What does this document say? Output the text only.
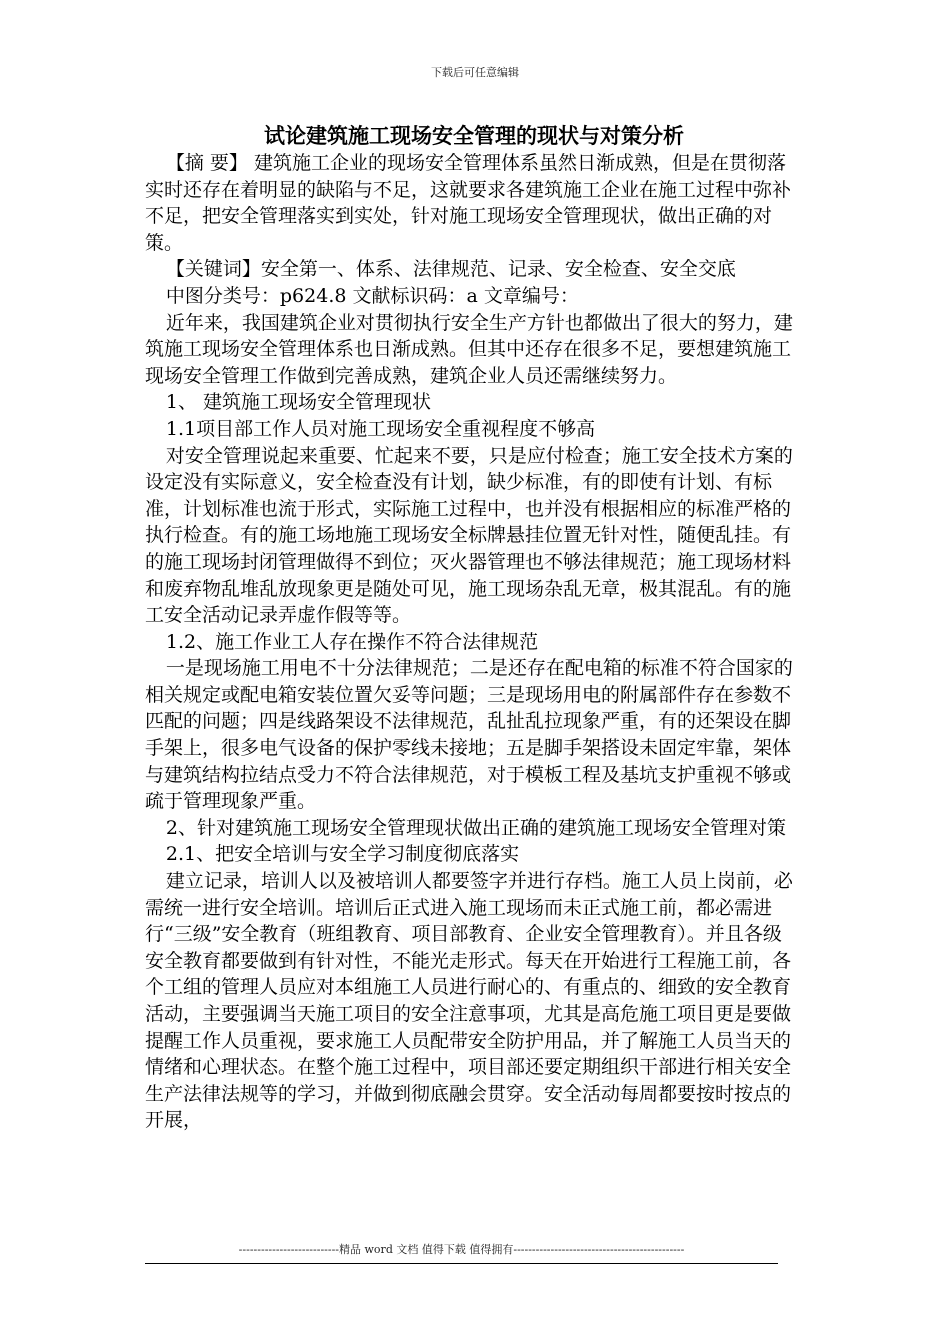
下载后可任意编辑
试论建筑施工现场安全管理的现状与对策分析

【摘 要】 建筑施工企业的现场安全管理体系虽然日渐成熟，但是在贯彻落实时还存在着明显的缺陷与不足，这就要求各建筑施工企业在施工过程中弥补不足，把安全管理落实到实处，针对施工现场安全管理现状，做出正确的对策。

【关键词】安全第一、体系、法律规范、记录、安全检查、安全交底

中图分类号：p624.8 文献标识码：a 文章编号：

近年来，我国建筑企业对贯彻执行安全生产方针也都做出了很大的努力，建筑施工现场安全管理体系也日渐成熟。但其中还存在很多不足，要想建筑施工现场安全管理工作做到完善成熟，建筑企业人员还需继续努力。

1、 建筑施工现场安全管理现状

1.1项目部工作人员对施工现场安全重视程度不够高

对安全管理说起来重要、忙起来不要，只是应付检查；施工安全技术方案的设定没有实际意义，安全检查没有计划，缺少标准，有的即使有计划、有标准，计划标准也流于形式，实际施工过程中，也并没有根据相应的标准严格的执行检查。有的施工场地施工现场安全标牌悬挂位置无针对性，随便乱挂。有的施工现场封闭管理做得不到位；灭火器管理也不够法律规范；施工现场材料和废弃物乱堆乱放现象更是随处可见，施工现场杂乱无章，极其混乱。有的施工安全活动记录弄虚作假等等。

1.2、施工作业工人存在操作不符合法律规范

一是现场施工用电不十分法律规范；二是还存在配电箱的标准不符合国家的相关规定或配电箱安装位置欠妥等问题；三是现场用电的附属部件存在参数不匹配的问题；四是线路架设不法律规范，乱扯乱拉现象严重，有的还架设在脚手架上，很多电气设备的保护零线未接地；五是脚手架搭设未固定牢靠，架体与建筑结构拉结点受力不符合法律规范，对于模板工程及基坑支护重视不够或疏于管理现象严重。

2、针对建筑施工现场安全管理现状做出正确的建筑施工现场安全管理对策

2.1、把安全培训与安全学习制度彻底落实

建立记录，培训人以及被培训人都要签字并进行存档。施工人员上岗前，必需统一进行安全培训。培训后正式进入施工现场而未正式施工前，都必需进行“三级”安全教育（班组教育、项目部教育、企业安全管理教育）。并且各级安全教育都要做到有针对性，不能光走形式。每天在开始进行工程施工前，各个工组的管理人员应对本组施工人员进行耐心的、有重点的、细致的安全教育活动，主要强调当天施工项目的安全注意事项，尤其是高危施工项目更是要做提醒工作人员重视，要求施工人员配带安全防护用品，并了解施工人员当天的情绪和心理状态。在整个施工过程中，项目部还要定期组织干部进行相关安全生产法律法规等的学习，并做到彻底融会贯穿。安全活动每周都要按时按点的开展，

---------------------------精品 word 文档 值得下载 值得拥有----------------------------------------------
